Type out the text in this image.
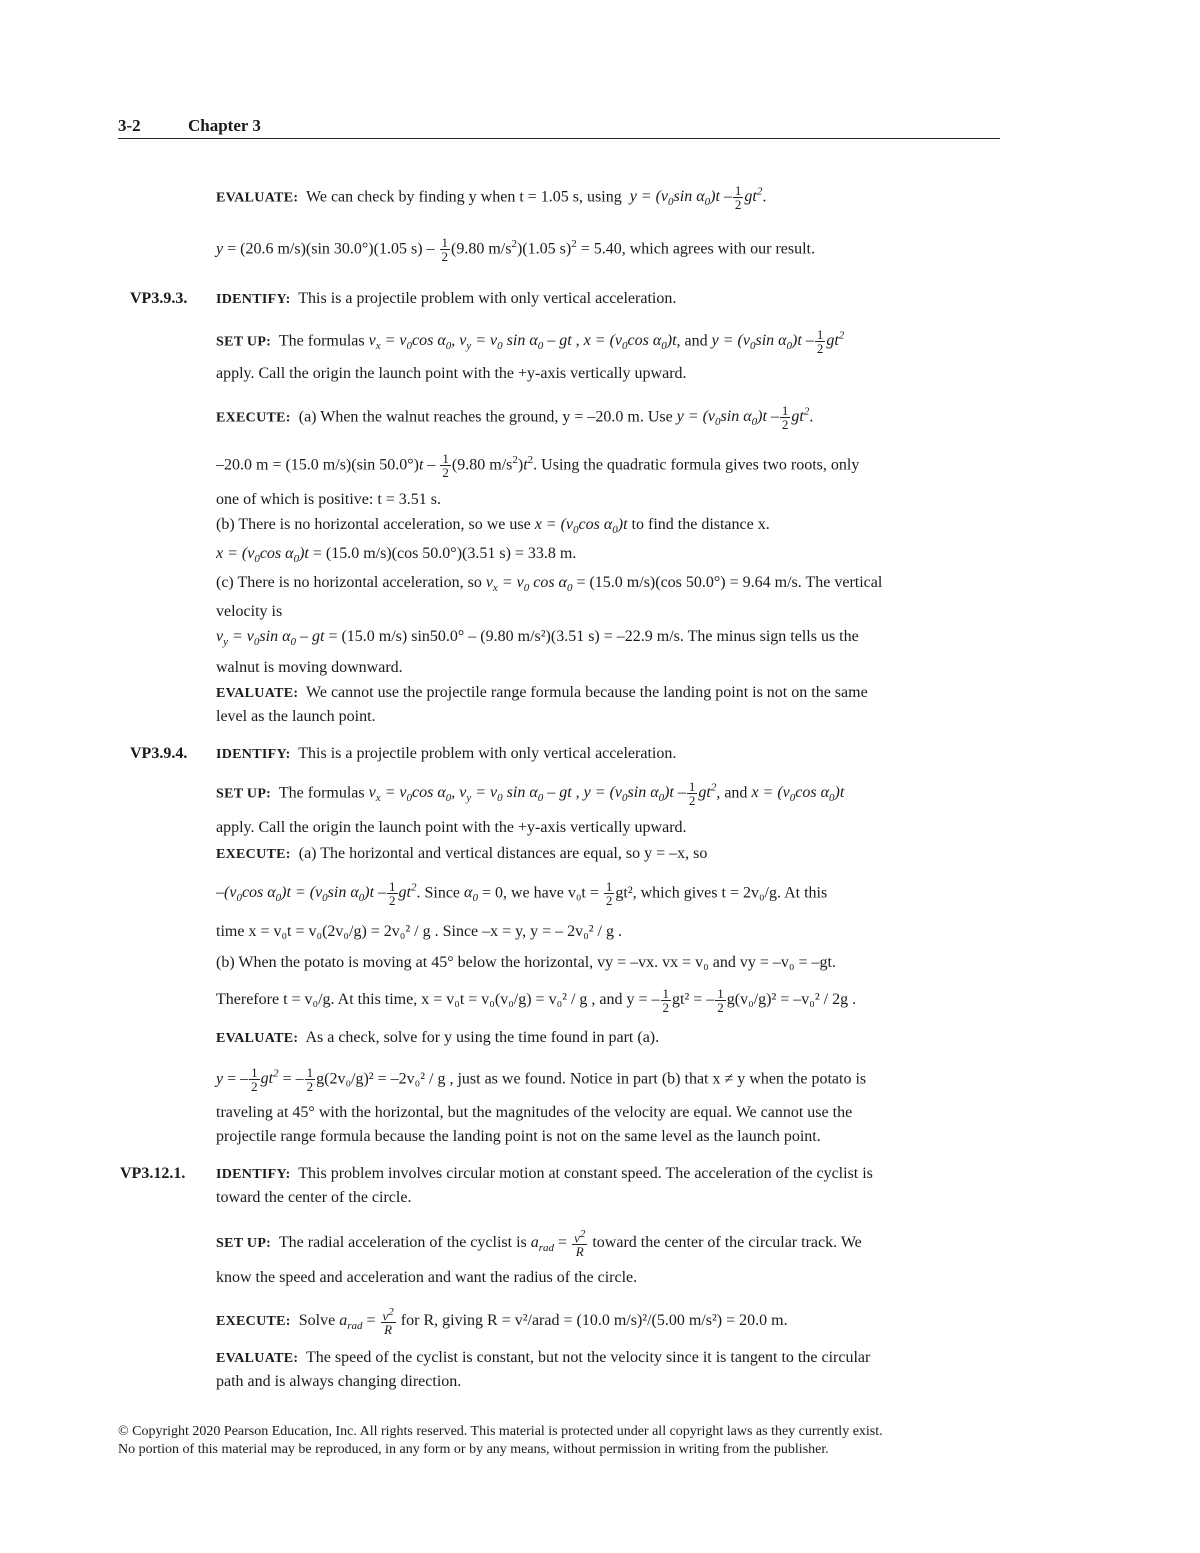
3-2	Chapter 3
EVALUATE: We can check by finding y when t = 1.05 s, using  $y = (v_0\sin$ $\alpha_0)t - \frac{1}{2} gt^2$.
y = (20.6 m/s)(sin 30.0°)(1.05 $s) - \frac{1}{2} (9.80$ $m/s^2)(1.05$ s)$^2$ = 5.40, which agrees with our result.
VP3.9.3. IDENTIFY: This is a projectile problem with only vertical acceleration.
SET UP: The formulas $v_x = v_0\cos$ $\alpha_0$, $v_y = v_0$ $\sin \alpha_0$ – gt , $x = (v_0\cos$ $\alpha_0)t$, and $y = (v_0\sin$ $\alpha_0)t - \frac{1}{2} gt^2$
apply. Call the origin the launch point with the +y-axis vertically upward.
EXECUTE: (a) When the walnut reaches the ground, y = –20.0 m. Use $y = (v_0\sin$ $\alpha_0)t - \frac{1}{2} gt^2$.
–20.0 m = (15.0 m/s)(sin $50.0^\circ)t - \frac{1}{2} (9.80$ $m/s^2)t^2$. Using the quadratic formula gives two roots, only
one of which is positive: t = 3.51 s.
(b) There is no horizontal acceleration, so we use $x = (v_0\cos$ $\alpha_0)t$ to find the distance x.
$x = (v_0\cos$ $\alpha_0)t = (15.0$ m/s)(cos 50.0°)(3.51 s) = 33.8 m.
(c) There is no horizontal acceleration, so $v_x = v_0$ $\cos \alpha_0 = (15.0$ m/s)(cos 50.0°) = 9.64 m/s. The vertical
velocity is
$v_y = v_0\sin$ $\alpha_0$ – gt = (15.0 m/s) sin50.0° – (9.80 m/s²)(3.51 s) = –22.9 m/s. The minus sign tells us the
walnut is moving downward.
EVALUATE: We cannot use the projectile range formula because the landing point is not on the same
level as the launch point.
VP3.9.4. IDENTIFY: This is a projectile problem with only vertical acceleration.
SET UP: The formulas $v_x = v_0\cos$ $\alpha_0$, $v_y = v_0$ $\sin \alpha_0$ – gt , $y = (v_0\sin$ $\alpha_0)t - \frac{1}{2} gt^2$, and $x = (v_0\cos$ $\alpha_0)t$
apply. Call the origin the launch point with the +y-axis vertically upward.
EXECUTE: (a) The horizontal and vertical distances are equal, so y = –x, so
$-(v_0\cos$ $\alpha_0)t = (v_0\sin$ $\alpha_0)t - \frac{1}{2} gt^2$. Since $\alpha_0 = 0$, we have $v_0t = \frac{1}{2} gt^2$, which gives t = 2v₀/g. At this
time x = v₀t = v₀(2v₀/g) = 2v₀² / g . Since –x = y, y = – 2v₀² / g .
(b) When the potato is moving at 45° below the horizontal, vy = –vx. vx = v₀ and vy = –v₀ = –gt.
Therefore t = v₀/g. At this time, x = v₀t = v₀(v₀/g) = v₀² / g , and y = – $\frac{1}{2} gt^2$ = – $\frac{1}{2} g(v_0/g)^2 = -v_0^2 / 2g$ .
EVALUATE: As a check, solve for y using the time found in part (a).
y = – $\frac{1}{2} gt^2$ = – $\frac{1}{2} g(2v_0/g)^2 = -2v_0^2 / g$ , just as we found. Notice in part (b) that x ≠ y when the potato is
traveling at 45° with the horizontal, but the magnitudes of the velocity are equal. We cannot use the
projectile range formula because the landing point is not on the same level as the launch point.
VP3.12.1. IDENTIFY: This problem involves circular motion at constant speed. The acceleration of the cyclist is
toward the center of the circle.
SET UP: The radial acceleration of the cyclist is $a_{rad} = \frac{v^2}{R}$ toward the center of the circular track. We
know the speed and acceleration and want the radius of the circle.
EXECUTE: Solve $a_{rad} = \frac{v^2}{R}$ for R, giving R = v²/arad = (10.0 m/s)²/(5.00 m/s²) = 20.0 m.
EVALUATE: The speed of the cyclist is constant, but not the velocity since it is tangent to the circular
path and is always changing direction.
© Copyright 2020 Pearson Education, Inc. All rights reserved. This material is protected under all copyright laws as they currently exist.
No portion of this material may be reproduced, in any form or by any means, without permission in writing from the publisher.
